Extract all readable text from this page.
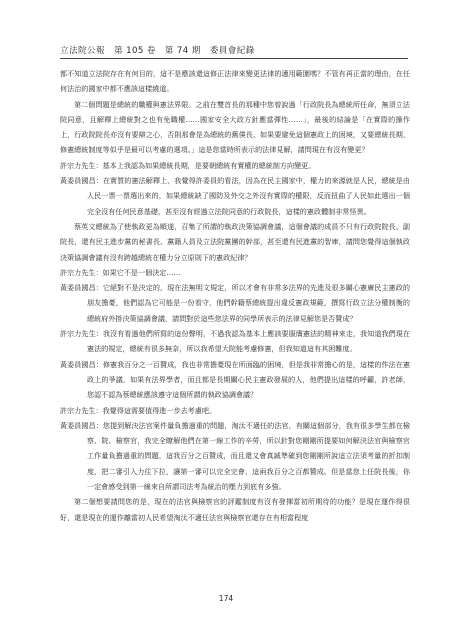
立法院公報　第 105 卷　第 74 期　委員會紀錄

都不知道立法院存在有何目的，這不是應該還這修正法律來變更法律的適用範圍嗎？不管有再正當的理由，在任何法治的國家中都不應該這樣繞道。

第二個問題是總統的職權與憲法界限。之前在雙首長的那種中您曾說過「行政院長為總統所任命，無須立法院同意，且解釋上總統對之也有免職權……國家安全大政方針應當彈性……」，最後的結論是「在實際的操作上，行政院院長亦沒有要辯之心，否則那會是為總統的舊僕長，如果要避免這個憲政上的困境，又要總統長期，修憲總統制度等似乎是最可以考慮的選項。」這是您當時所表示的法律見解，請問現在有沒有變更？

許宗力先生：基本上我認為如果總統長期，是要朝總統有實權的總統制方向變更。

黃委員國昌：在實質的憲法解釋上，我覺得許委員的看法，因為在民主國家中，權力的來源就是人民，總統是由人民一票一票選出來的，如果總統缺了國防及外交之外沒有實際的權限，反而扭曲了人民如此選出一個完全沒有任何民意基礎，甚至沒有經過立法院同意的行政院長，這樣的憲政體制非常怪異。

蔡英文總統為了使執政更為順遂，召集了所謂的執政決策協調會議，這個會議的成員不只有行政院院長、副院長，還有民主進步黨的秘書長、黨籍人員及立法院黨團的幹部，甚至還有民進黨的智庫，請問您覺得這個執政決策協調會議有沒有跨越總統在權力分立原則下的憲政紀律？

許宗力先生：如果它不是一個決定……

黃委員國昌：它絕對不是決定的，現在法無明文規定，所以才會有非常多法界的先進及很多關心憲廣民主憲政的朋友擔憂，他們認為它可能是一份看守，他們幹籍蔡總統提出違反憲政規範，撰寫行政立法分權制衡的總統府外掛決策協調會議，請問對於這些您法界的同學所表示的法律見解您是否贊成？

許宗力先生：我沒有看過他們所寫的這份聲明，不過我認為基本上應該要服膺憲法的精神來走，我知道我們現在憲法的規定，總統有很多無奈，所以我希望大院能考慮修憲，但我知道這有其困難度。

黃委員國昌：修憲我百分之一百贊成，我也非常擔憂現在所面臨的困境，但是我非常擔心的是，這樣的作法在憲政上的爭議，如果有法界學者，而且都是長期關心民主憲政發展的人，他們提出這樣的呼籲，許老師，您認不認為蔡總統應該遵守這個所謂的執政協調會議？

許宗力先生：我覺得這需要值得進一步去考慮吧。

黃委員國昌：您提到解決法官案件量負擔過重的問題，淘汰不適任的法官，有關這個部分，我有很多學生都在檢察、院、檢察官，我完全瞭解他們在第一線工作的辛勞，所以針對您剛剛所提要如何解決法官與檢察官工作量負擔過重的問題，這我百分之百贊成，而且還又會真誠準確到您剛剛所說這立法須考量的折扣制度，把二審引入力往下拉，讓第一審可以完全完會，這兩我百分之百都贊成。但是當您上任院長後，你一定會感受到第一線來自所謂司法考為統治的壓力到底有多強。

第二個想要請問您的是，現在的法官與檢察官的評鑑制度有沒有發揮當初所期待的功能？是現在運作得很好，還是現在的運作離當初人民希望淘汰不適任法官與檢察官還存在有相當程度

174
